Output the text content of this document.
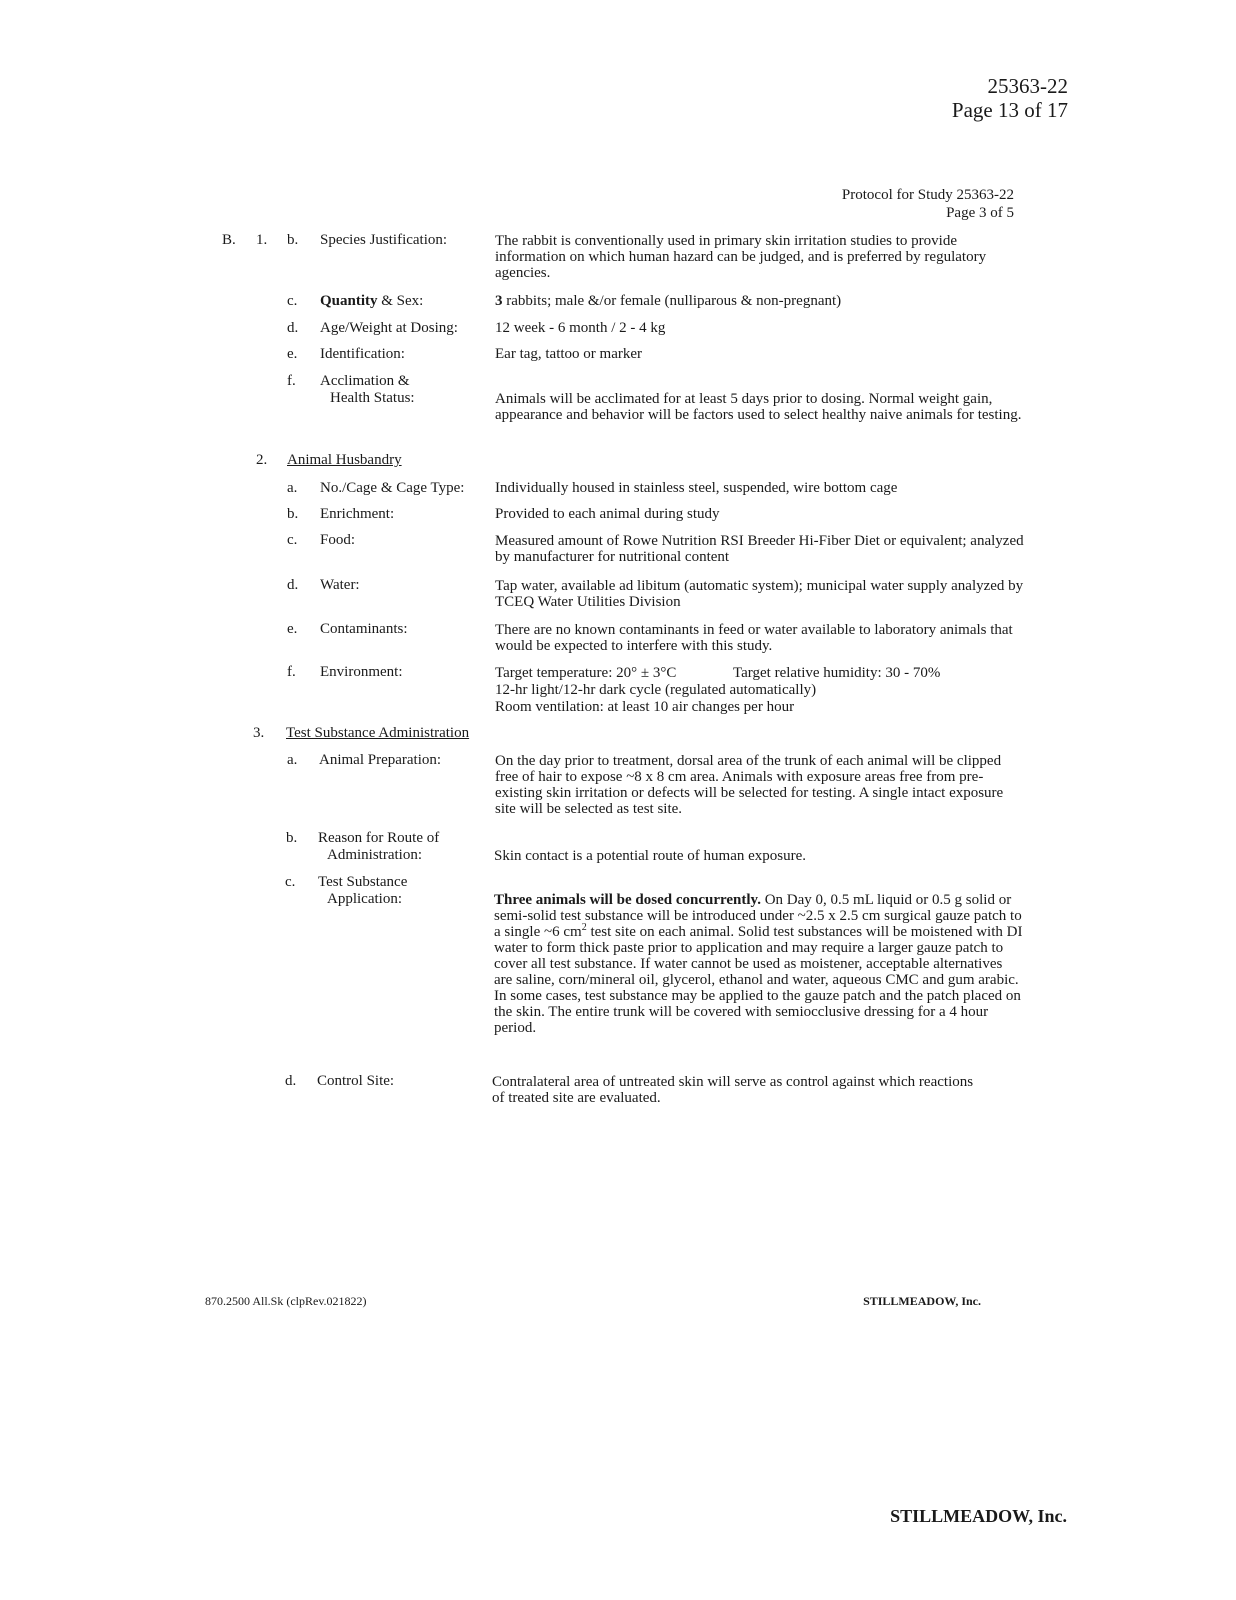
25363-22
Page 13 of 17
Protocol for Study 25363-22
Page 3 of 5
B. 1. b. Species Justification:	The rabbit is conventionally used in primary skin irritation studies to provide information on which human hazard can be judged, and is preferred by regulatory agencies.
c. Quantity & Sex:	3 rabbits; male &/or female (nulliparous & non-pregnant)
d. Age/Weight at Dosing: 12 week - 6 month / 2 - 4 kg
e. Identification:	Ear tag, tattoo or marker
f. Acclimation &
Health Status:	Animals will be acclimated for at least 5 days prior to dosing. Normal weight gain, appearance and behavior will be factors used to select healthy naive animals for testing.
2. Animal Husbandry
a. No./Cage & Cage Type: Individually housed in stainless steel, suspended, wire bottom cage
b. Enrichment:	Provided to each animal during study
c. Food:	Measured amount of Rowe Nutrition RSI Breeder Hi-Fiber Diet or equivalent; analyzed by manufacturer for nutritional content
d. Water:	Tap water, available ad libitum (automatic system); municipal water supply analyzed by TCEQ Water Utilities Division
e. Contaminants:	There are no known contaminants in feed or water available to laboratory animals that would be expected to interfere with this study.
f. Environment:	Target temperature: 20° ± 3°C	Target relative humidity: 30 - 70%
12-hr light/12-hr dark cycle (regulated automatically)
Room ventilation: at least 10 air changes per hour
3. Test Substance Administration
a. Animal Preparation:	On the day prior to treatment, dorsal area of the trunk of each animal will be clipped free of hair to expose ~8 x 8 cm area. Animals with exposure areas free from pre-existing skin irritation or defects will be selected for testing. A single intact exposure site will be selected as test site.
b. Reason for Route of
Administration:	Skin contact is a potential route of human exposure.
c. Test Substance
Application:	Three animals will be dosed concurrently. On Day 0, 0.5 mL liquid or 0.5 g solid or semi-solid test substance will be introduced under ~2.5 x 2.5 cm surgical gauze patch to a single ~6 $cm^2$ test site on each animal. Solid test substances will be moistened with DI water to form thick paste prior to application and may require a larger gauze patch to cover all test substance. If water cannot be used as moistener, acceptable alternatives are saline, corn/mineral oil, glycerol, ethanol and water, aqueous CMC and gum arabic. In some cases, test substance may be applied to the gauze patch and the patch placed on the skin. The entire trunk will be covered with semiocclusive dressing for a 4 hour period.
d. Control Site:	Contralateral area of untreated skin will serve as control against which reactions of treated site are evaluated.
870.2500 All.Sk (clpRev.021822)	STILLMEADOW, Inc.
STILLMEADOW, Inc.
